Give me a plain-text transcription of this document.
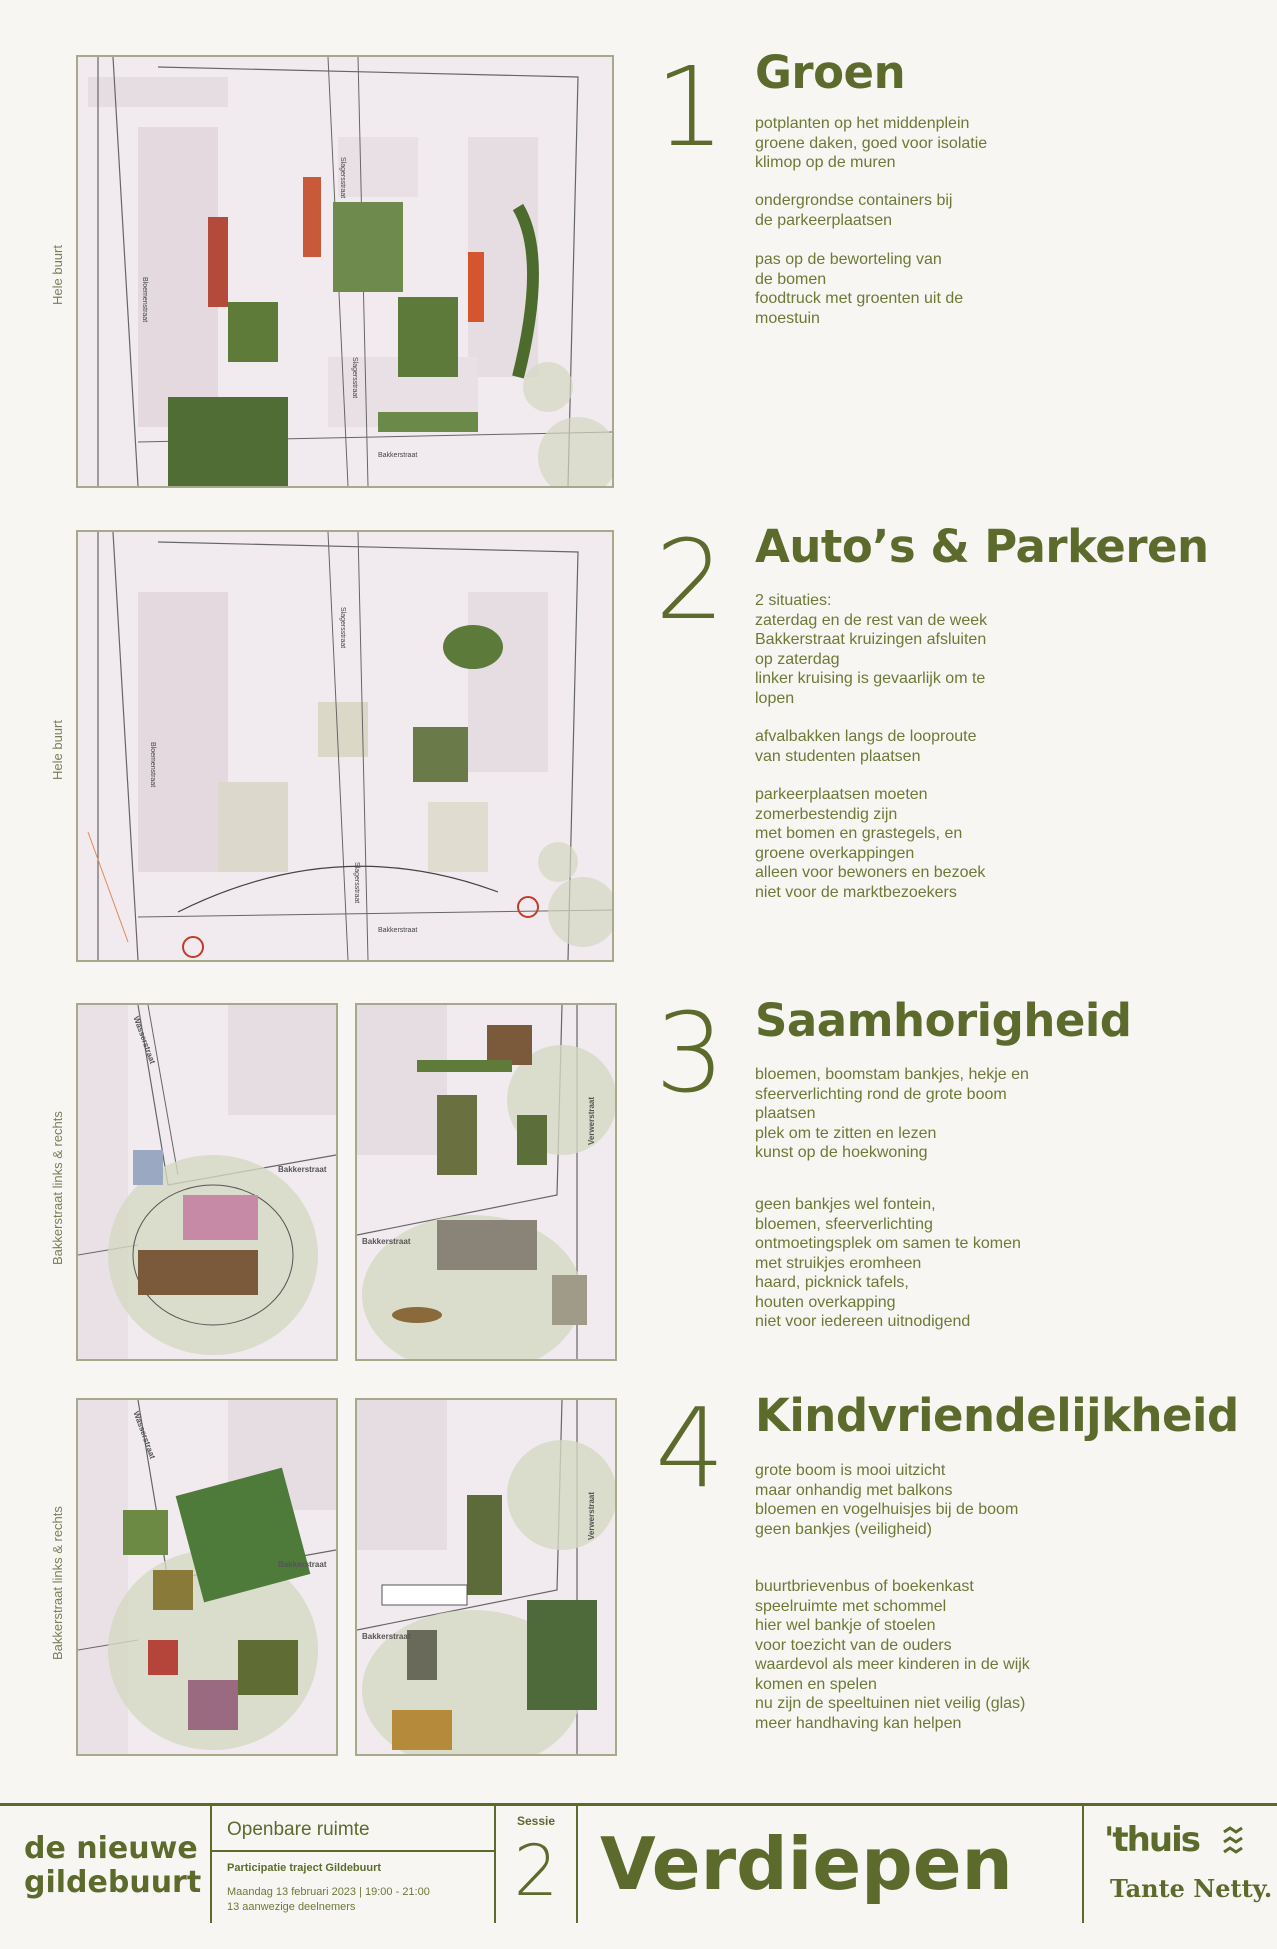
Hele buurt
Slagersstraat
Bloemenstraat
Slagersstraat
Bakkerstraat
1 Groen
potplanten op het middenplein
groene daken, goed voor isolatie
klimop op de muren
ondergrondse containers bij
de parkeerplaatsen
pas op de beworteling van
de bomen
foodtruck met groenten uit de
moestuin
Hele buurt
Slagersstraat
Bloemenstraat
Slagersstraat
Bakkerstraat
2 Auto’s & Parkeren
2 situaties:
zaterdag en de rest van de week
Bakkerstraat kruizingen afsluiten
op zaterdag
linker kruising is gevaarlijk om te
lopen
afvalbakken langs de looproute
van studenten plaatsen
parkeerplaatsen moeten
zomerbestendig zijn
met bomen en grastegels, en
groene overkappingen
alleen voor bewoners en bezoek
niet voor de marktbezoekers
Bakkerstraat links & rechts
Wasserstraat
Bakkerstraat
Bakkerstraat
Verwerstraat
3 Saamhorigheid
bloemen, boomstam bankjes, hekje en
sfeerverlichting rond de grote boom
plaatsen
plek om te zitten en lezen
kunst op de hoekwoning
geen bankjes wel fontein,
bloemen, sfeerverlichting
ontmoetingsplek om samen te komen
met struikjes eromheen
haard, picknick tafels,
houten overkapping
niet voor iedereen uitnodigend
Bakkerstraat links & rechts
Wasserstraat
Bakkerstraat
Bakkerstraat
Verwerstraat
4 Kindvriendelijkheid
grote boom is mooi uitzicht
maar onhandig met balkons
bloemen en vogelhuisjes bij de boom
geen bankjes (veiligheid)
buurtbrievenbus of boekenkast
speelruimte met schommel
hier wel bankje of stoelen
voor toezicht van de ouders
waardevol als meer kinderen in de wijk
komen en spelen
nu zijn de speeltuinen niet veilig (glas)
meer handhaving kan helpen
de nieuwe
gildebuurt
Openbare ruimte
Participatie traject Gildebuurt
Maandag 13 februari 2023 | 19:00 - 21:00
13 aanwezige deelnemers
Sessie
2 Verdiepen	'thuis
Tante Netty.
